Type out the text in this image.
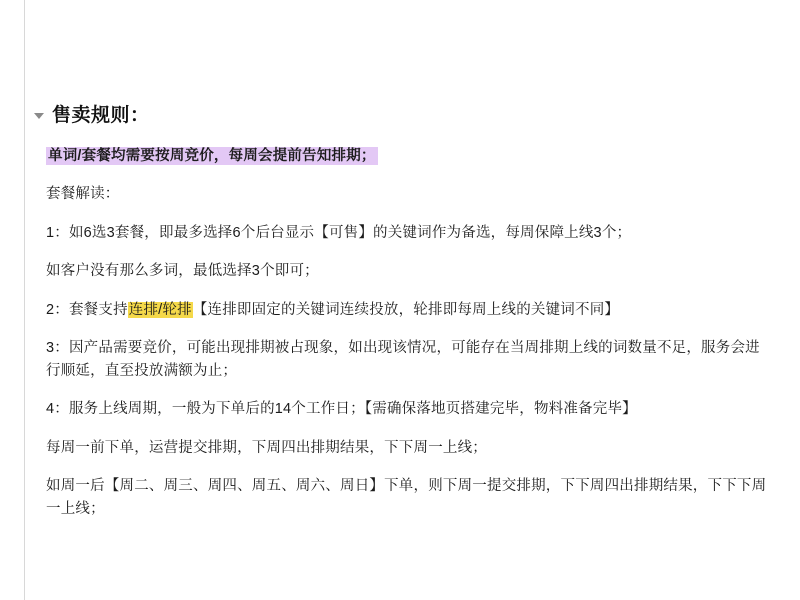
售卖规则：

单词/套餐均需要按周竞价，每周会提前告知排期；

套餐解读：

1：如6选3套餐，即最多选择6个后台显示【可售】的关键词作为备选，每周保障上线3个；

如客户没有那么多词，最低选择3个即可；

2：套餐支持连排/轮排【连排即固定的关键词连续投放，轮排即每周上线的关键词不同】

3：因产品需要竞价，可能出现排期被占现象，如出现该情况，可能存在当周排期上线的词数量不足，服务会进行顺延，直至投放满额为止；

4：服务上线周期，一般为下单后的14个工作日；【需确保落地页搭建完毕，物料准备完毕】

每周一前下单，运营提交排期，下周四出排期结果，下下周一上线；

如周一后【周二、周三、周四、周五、周六、周日】下单，则下周一提交排期，下下周四出排期结果，下下下周一上线；
